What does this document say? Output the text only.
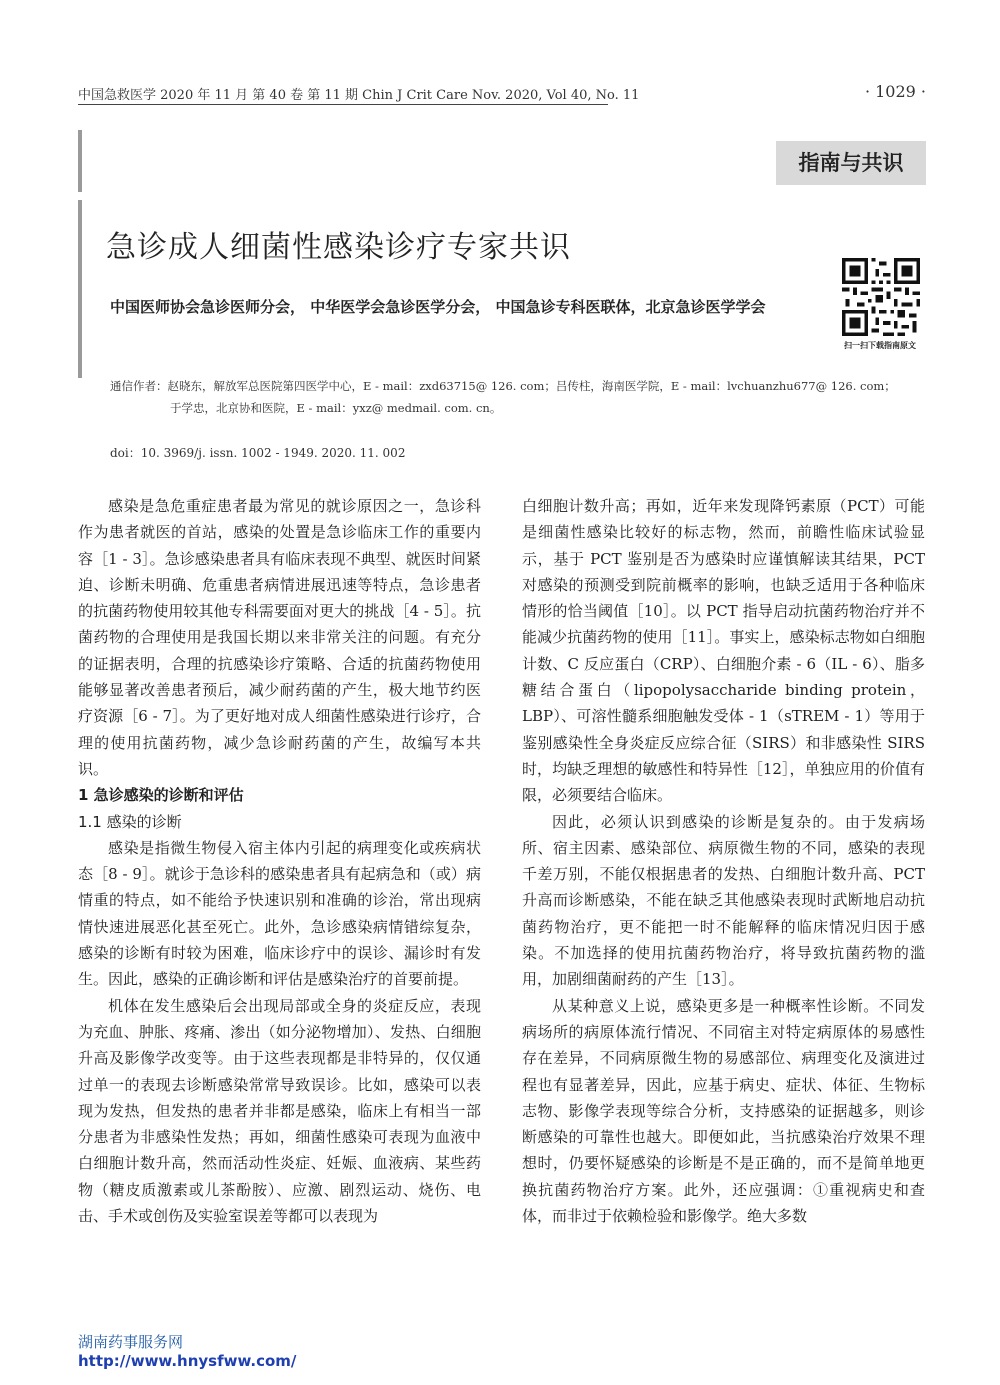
中国急救医学 2020 年 11 月 第 40 卷 第 11 期 Chin J Crit Care Nov. 2020, Vol 40, No. 11	· 1029 ·
指南与共识
急诊成人细菌性感染诊疗专家共识
中国医师协会急诊医师分会， 中华医学会急诊医学分会， 中国急诊专科医联体，北京急诊医学学会
扫一扫下载指南原文
通信作者：赵晓东，解放军总医院第四医学中心，E - mail：zxd63715@ 126. com；吕传柱，海南医学院，E - mail：lvchuanzhu677@ 126. com；
于学忠，北京协和医院，E - mail：yxz@ medmail. com. cn。
doi：10. 3969/j. issn. 1002 - 1949. 2020. 11. 002

感染是急危重症患者最为常见的就诊原因之一，急诊科作为患者就医的首站，感染的处置是急诊临床工作的重要内容［1 - 3］。急诊感染患者具有临床表现不典型、就医时间紧迫、诊断未明确、危重患者病情进展迅速等特点，急诊患者的抗菌药物使用较其他专科需要面对更大的挑战［4 - 5］。抗菌药物的合理使用是我国长期以来非常关注的问题。有充分的证据表明，合理的抗感染诊疗策略、合适的抗菌药物使用能够显著改善患者预后，减少耐药菌的产生，极大地节约医疗资源［6 - 7］。为了更好地对成人细菌性感染进行诊疗，合理的使用抗菌药物，减少急诊耐药菌的产生，故编写本共识。

1 急诊感染的诊断和评估
1.1 感染的诊断

感染是指微生物侵入宿主体内引起的病理变化或疾病状态［8 - 9］。就诊于急诊科的感染患者具有起病急和（或）病情重的特点，如不能给予快速识别和准确的诊治，常出现病情快速进展恶化甚至死亡。此外，急诊感染病情错综复杂，感染的诊断有时较为困难，临床诊疗中的误诊、漏诊时有发生。因此，感染的正确诊断和评估是感染治疗的首要前提。

机体在发生感染后会出现局部或全身的炎症反应，表现为充血、肿胀、疼痛、渗出（如分泌物增加）、发热、白细胞升高及影像学改变等。由于这些表现都是非特异的，仅仅通过单一的表现去诊断感染常常导致误诊。比如，感染可以表现为发热，但发热的患者并非都是感染，临床上有相当一部分患者为非感染性发热；再如，细菌性感染可表现为血液中白细胞计数升高，然而活动性炎症、妊娠、血液病、某些药物（糖皮质激素或儿茶酚胺）、应激、剧烈运动、烧伤、电击、手术或创伤及实验室误差等都可以表现为

白细胞计数升高；再如，近年来发现降钙素原（PCT）可能是细菌性感染比较好的标志物，然而，前瞻性临床试验显示，基于 PCT 鉴别是否为感染时应谨慎解读其结果，PCT 对感染的预测受到院前概率的影响，也缺乏适用于各种临床情形的恰当阈值［10］。以 PCT 指导启动抗菌药物治疗并不能减少抗菌药物的使用［11］。事实上，感染标志物如白细胞计数、C 反应蛋白（CRP）、白细胞介素 - 6（IL - 6）、脂多糖结合蛋白（lipopolysaccharide binding protein，LBP）、可溶性髓系细胞触发受体 - 1（sTREM - 1）等用于鉴别感染性全身炎症反应综合征（SIRS）和非感染性 SIRS 时，均缺乏理想的敏感性和特异性［12］，单独应用的价值有限，必须要结合临床。

因此，必须认识到感染的诊断是复杂的。由于发病场所、宿主因素、感染部位、病原微生物的不同，感染的表现千差万别，不能仅根据患者的发热、白细胞计数升高、PCT 升高而诊断感染，不能在缺乏其他感染表现时武断地启动抗菌药物治疗，更不能把一时不能解释的临床情况归因于感染。不加选择的使用抗菌药物治疗，将导致抗菌药物的滥用，加剧细菌耐药的产生［13］。

从某种意义上说，感染更多是一种概率性诊断。不同发病场所的病原体流行情况、不同宿主对特定病原体的易感性存在差异，不同病原微生物的易感部位、病理变化及演进过程也有显著差异，因此，应基于病史、症状、体征、生物标志物、影像学表现等综合分析，支持感染的证据越多，则诊断感染的可靠性也越大。即便如此，当抗感染治疗效果不理想时，仍要怀疑感染的诊断是不是正确的，而不是简单地更换抗菌药物治疗方案。此外，还应强调：①重视病史和查体，而非过于依赖检验和影像学。绝大多数

湖南药事服务网
http://www.hnysfww.com/
